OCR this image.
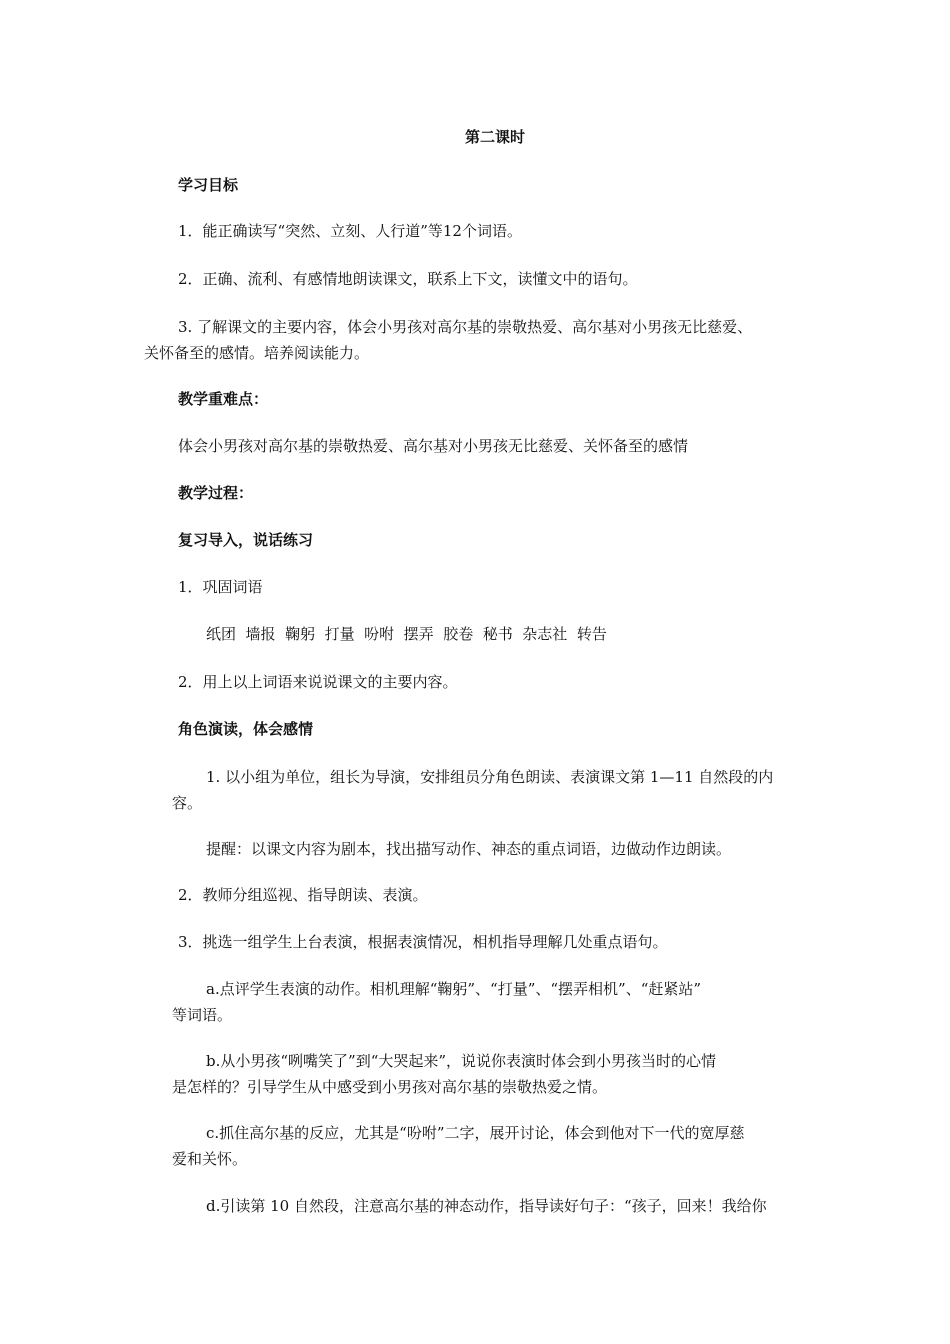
第二课时
学习目标
1．能正确读写“突然、立刻、人行道”等12个词语。
2．正确、流利、有感情地朗读课文，联系上下文，读懂文中的语句。
3. 了解课文的主要内容，体会小男孩对高尔基的崇敬热爱、高尔基对小男孩无比慈爱、
关怀备至的感情。培养阅读能力。
教学重难点：
体会小男孩对高尔基的崇敬热爱、高尔基对小男孩无比慈爱、关怀备至的感情
教学过程：
复习导入，说话练习
1．巩固词语
纸团  墙报  鞠躬  打量  吩咐  摆弄  胶卷  秘书  杂志社  转告
2．用上以上词语来说说课文的主要内容。
角色演读，体会感情
1. 以小组为单位，组长为导演，安排组员分角色朗读、表演课文第 1—11 自然段的内
容。
提醒：以课文内容为剧本，找出描写动作、神态的重点词语，边做动作边朗读。
2．教师分组巡视、指导朗读、表演。
3．挑选一组学生上台表演，根据表演情况，相机指导理解几处重点语句。
a.点评学生表演的动作。相机理解“鞠躬”、“打量”、“摆弄相机”、“赶紧站”
等词语。
b.从小男孩“咧嘴笑了”到“大哭起来”，说说你表演时体会到小男孩当时的心情
是怎样的？引导学生从中感受到小男孩对高尔基的崇敬热爱之情。
c.抓住高尔基的反应，尤其是“吩咐”二字，展开讨论，体会到他对下一代的宽厚慈
爱和关怀。
d.引读第 10 自然段，注意高尔基的神态动作，指导读好句子：“孩子，回来！我给你
